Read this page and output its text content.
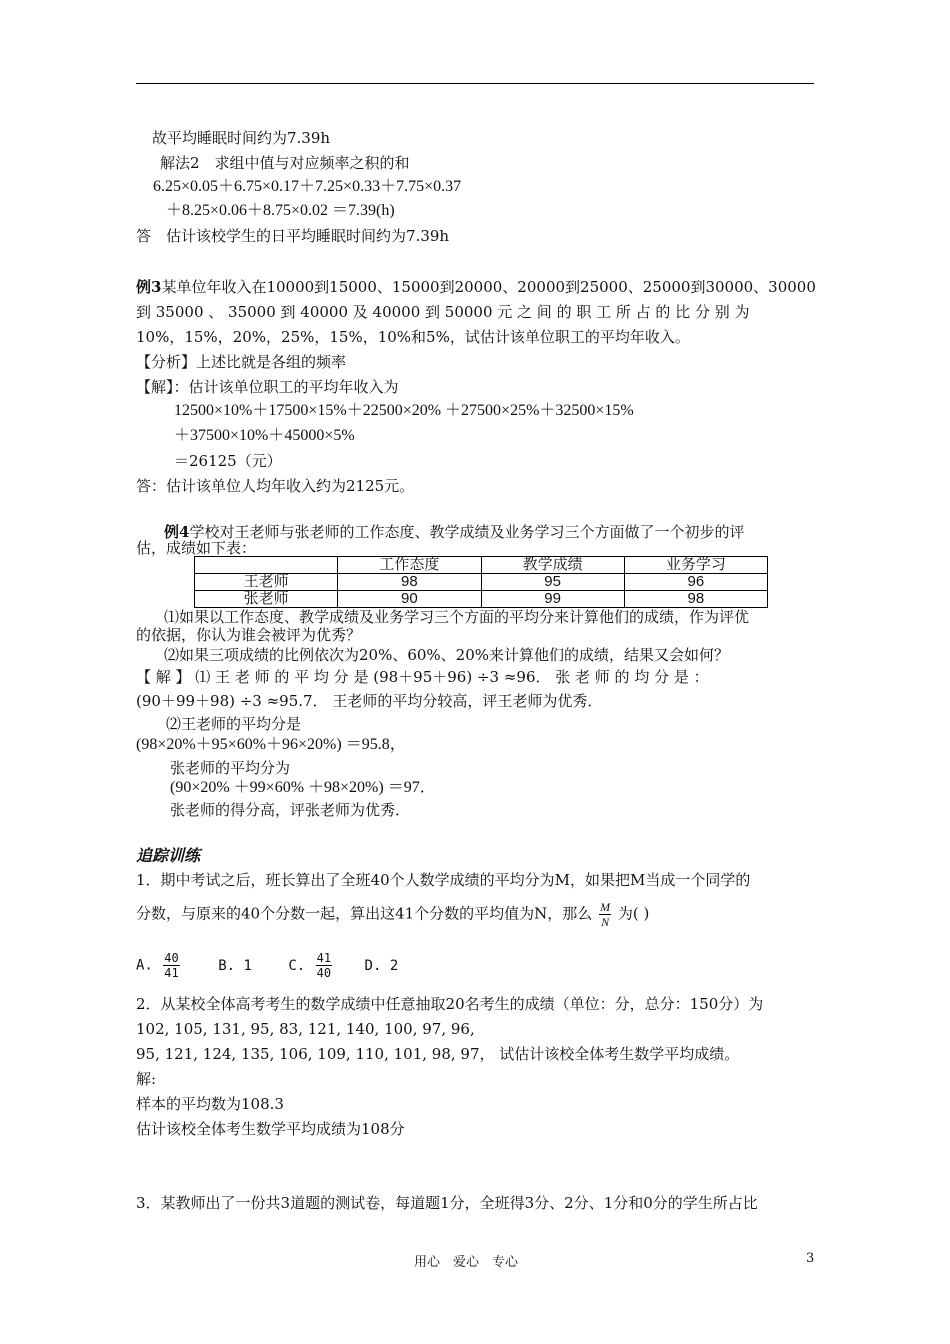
故平均睡眠时间约为7.39h
解法2　求组中值与对应频率之积的和
6.25×0.05＋6.75×0.17＋7.25×0.33＋7.75×0.37
＋8.25×0.06＋8.75×0.02 ＝7.39(h)
答　估计该校学生的日平均睡眠时间约为7.39h
例3某单位年收入在10000到15000、15000到20000、20000到25000、25000到30000、30000
到 35000 、 35000 到 40000 及 40000 到 50000 元 之 间 的 职 工 所 占 的 比 分 别 为
10%，15%，20%，25%，15%，10%和5%，试估计该单位职工的平均年收入。
【分析】上述比就是各组的频率
【解】：估计该单位职工的平均年收入为
12500×10%＋17500×15%＋22500×20% ＋27500×25%＋32500×15%
＋37500×10%＋45000×5%
＝26125（元）
答：估计该单位人均年收入约为2125元。
例4学校对王老师与张老师的工作态度、教学成绩及业务学习三个方面做了一个初步的评
估，成绩如下表：
	工作态度	教学成绩	业务学习
王老师	98	95	96
张老师	90	99	98
⑴如果以工作态度、教学成绩及业务学习三个方面的平均分来计算他们的成绩，作为评优
的依据，你认为谁会被评为优秀？
⑵如果三项成绩的比例依次为20%、60%、20%来计算他们的成绩，结果又会如何？
【 解 】 ⑴ 王 老 师 的 平 均 分 是 (98＋95＋96) ÷3 ≈96． 张 老 师 的 均 分 是 ：
(90＋99＋98) ÷3 ≈95.7． 王老师的平均分较高，评王老师为优秀．
⑵王老师的平均分是
(98×20%＋95×60%＋96×20%) ＝95.8，
张老师的平均分为
(90×20% ＋99×60% ＋98×20%) ＝97．
张老师的得分高，评张老师为优秀．
追踪训练
1．期中考试之后，班长算出了全班40个人数学成绩的平均分为M，如果把M当成一个同学的
分数，与原来的40个分数一起，算出这41个分数的平均值为N，那么 $\frac{M}{N}$ 为( )
A. $\frac{40}{41}$	B. 1	C. $\frac{41}{40} D$. 2
2．从某校全体高考考生的数学成绩中任意抽取20名考生的成绩（单位：分，总分：150分）为
102, 105, 131, 95, 83, 121, 140, 100, 97, 96,
95, 121, 124, 135, 106, 109, 110, 101, 98, 97， 试估计该校全体考生数学平均成绩。
解:
样本的平均数为108.3
估计该校全体考生数学平均成绩为108分
3．某教师出了一份共3道题的测试卷，每道题1分，全班得3分、2分、1分和0分的学生所占比
用心　爱心　专心	3
